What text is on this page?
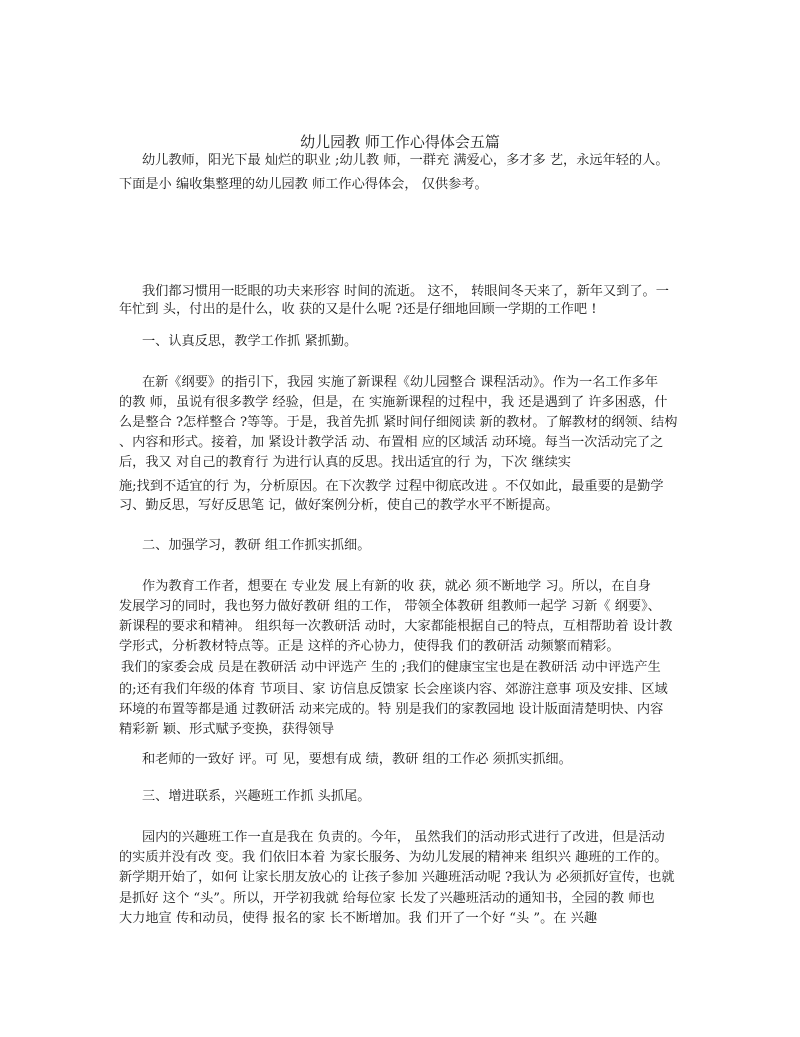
幼儿园教 师工作心得体会五篇

幼儿教师，阳光下最 灿烂的职业 ;幼儿教 师，一群充 满爱心，多才多 艺，永远年轻的人。

下面是小 编收集整理的幼儿园教 师工作心得体会， 仅供参考。

我们都习惯用一眨眼的功夫来形容 时间的流逝。 这不， 转眼间冬天来了，新年又到了。一

年忙到 头，付出的是什么，收 获的又是什么呢 ?还是仔细地回顾一学期的工作吧 !

一、认真反思，教学工作抓 紧抓勤。

在新《纲要》的指引下，我园 实施了新课程《幼儿园整合 课程活动》。作为一名工作多年

的教 师，虽说有很多教学 经验，但是，在 实施新课程的过程中，我 还是遇到了 许多困惑，什

么是整合 ?怎样整合 ?等等。于是，我首先抓 紧时间仔细阅读 新的教材。了解教材的纲领、结构

、内容和形式。接着，加 紧设计教学活 动、布置相 应的区域活 动环境。每当一次活动完了之

后，我又 对自己的教育行 为进行认真的反思。找出适宜的行 为，下次 继续实

施;找到不适宜的行 为，分析原因。在下次教学 过程中彻底改进 。不仅如此，最重要的是勤学

习、勤反思，写好反思笔 记，做好案例分析，使自己的教学水平不断提高。

二、加强学习，教研 组工作抓实抓细。

作为教育工作者，想要在 专业发 展上有新的收 获，就必 须不断地学 习。所以，在自身

发展学习的同时，我也努力做好教研 组的工作， 带领全体教研 组教师一起学 习新《 纲要》、

新课程的要求和精神。 组织每一次教研活 动时，大家都能根据自己的特点，互相帮助着 设计教

学形式，分析教材特点等。正是 这样的齐心协力，使得我 们的教研活 动频繁而精彩。

我们的家委会成 员是在教研活 动中评选产 生的 ;我们的健康宝宝也是在教研活 动中评选产生

的;还有我们年级的体育 节项目、家 访信息反馈家 长会座谈内容、郊游注意事 项及安排、区域

环境的布置等都是通 过教研活 动来完成的。特 别是我们的家教园地 设计版面清楚明快、内容

精彩新 颖、形式赋予变换，获得领导

和老师的一致好 评。可 见，要想有成 绩，教研 组的工作必 须抓实抓细。

三、增进联系，兴趣班工作抓 头抓尾。

园内的兴趣班工作一直是我在 负责的。今年， 虽然我们的活动形式进行了改进，但是活动

的实质并没有改 变。我 们依旧本着 为家长服务、为幼儿发展的精神来 组织兴 趣班的工作的。

新学期开始了，如何 让家长朋友放心的 让孩子参加 兴趣班活动呢 ?我认为 必须抓好宣传，也就

是抓好 这个 “头”。所以，开学初我就 给每位家 长发了兴趣班活动的通知书，全园的教 师也

大力地宣 传和动员，使得 报名的家 长不断增加。我 们开了一个好 “头 ”。在 兴趣
